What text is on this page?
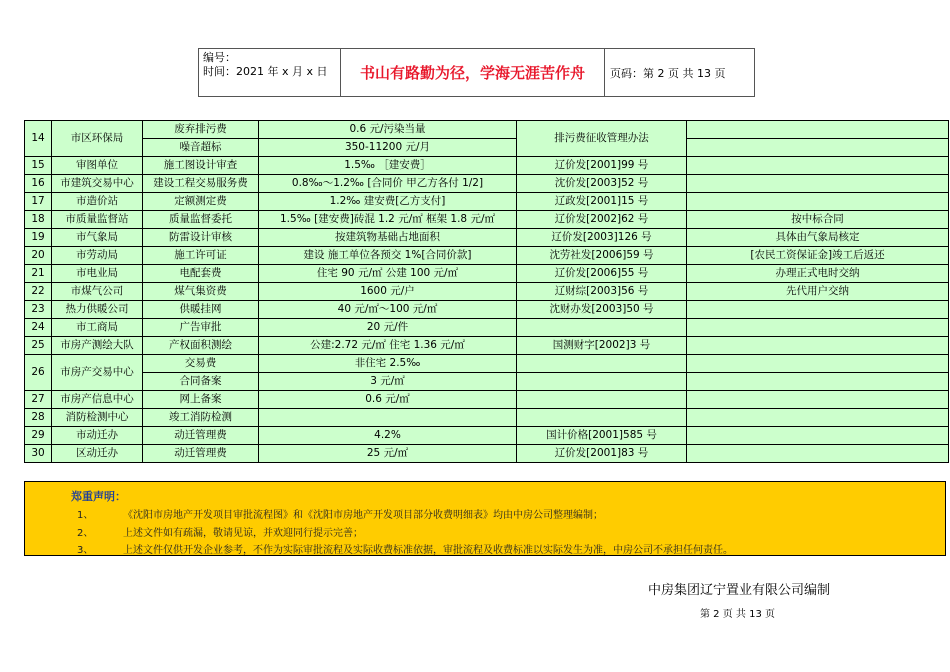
编号：
时间：2021 年 x 月 x 日	书山有路勤为径，学海无涯苦作舟	页码：第 2 页 共 13 页
14	市区环保局	废弃排污费	0.6 元/污染当量	排污费征收管理办法	
		噪音超标	350-11200 元/月		
15	审图单位	施工图设计审查	1.5‰ ［建安费］	辽价发[2001]99 号	
16	市建筑交易中心	建设工程交易服务费	0.8‰～1.2‰ [合同价 甲乙方各付 1/2]	沈价发[2003]52 号	
17	市造价站	定额测定费	1.2‰ 建安费[乙方支付]	辽政发[2001]15 号	
18	市质量监督站	质量监督委托	1.5‰ [建安费]砖混 1.2 元/㎡ 框架 1.8 元/㎡	辽价发[2002]62 号	按中标合同
19	市气象局	防雷设计审核	按建筑物基础占地面积	辽价发[2003]126 号	具体由气象局核定
20	市劳动局	施工许可证	建设 施工单位各预交 1%[合同价款]	沈劳社发[2006]59 号	[农民工资保证金]竣工后返还
21	市电业局	电配套费	住宅 90 元/㎡ 公建 100 元/㎡	辽价发[2006]55 号	办理正式电时交纳
22	市煤气公司	煤气集资费	1600 元/户	辽财综[2003]56 号	先代用户交纳
23	热力供暖公司	供暖挂网	40 元/㎡～100 元/㎡	沈财办发[2003]50 号	
24	市工商局	广告审批	20 元/件		
25	市房产测绘大队	产权面积测绘	公建:2.72 元/㎡ 住宅 1.36 元/㎡	国测财字[2002]3 号	
26	市房产交易中心	交易费	非住宅 2.5‰		
		合同备案	3 元/㎡		
27	市房产信息中心	网上备案	0.6 元/㎡		
28	消防检测中心	竣工消防检测			
29	市动迁办	动迁管理费	4.2%	国计价格[2001]585 号	
30	区动迁办	动迁管理费	25 元/㎡	辽价发[2001]83 号	
郑重声明：
1、	《沈阳市房地产开发项目审批流程图》和《沈阳市房地产开发项目部分收费明细表》均由中房公司整理编制；
2、	上述文件如有疏漏，敬请见谅，并欢迎同行提示完善；
3、	上述文件仅供开发企业参考，不作为实际审批流程及实际收费标准依据，审批流程及收费标准以实际发生为准，中房公司不承担任何责任。
中房集团辽宁置业有限公司编制
第 2 页 共 13 页
